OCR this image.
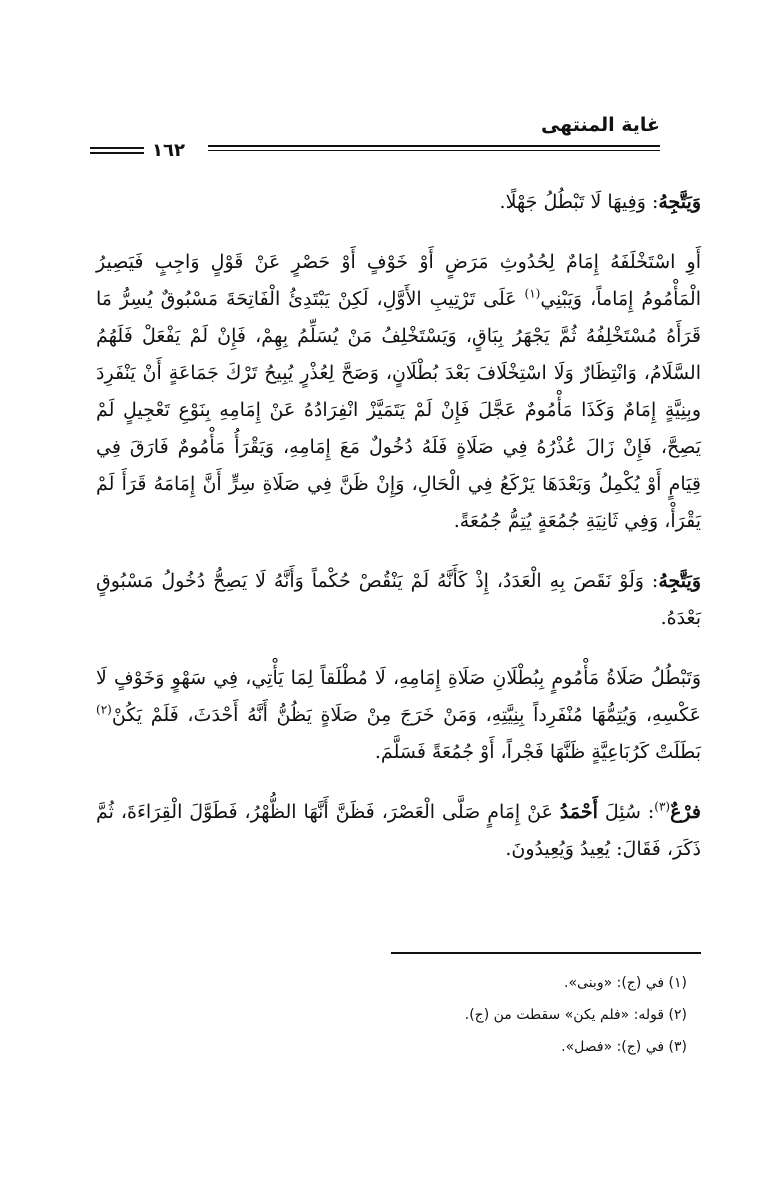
غاية المنتهى
١٦٢

وَيَتَّجِهُ: وَفِيهَا لَا تَبْطُلُ جَهْلًا.

أَوِ اسْتَخْلَفَهُ إِمَامٌ لِحُدُوثِ مَرَضٍ أَوْ خَوْفٍ أَوْ حَصْرٍ عَنْ قَوْلٍ وَاجِبٍ فَيَصِيرُ الْمَأْمُومُ إِمَاماً، وَيَبْنِي$^{(١)}$ عَلَى تَرْتِيبِ الأَوَّلِ، لَكِنْ يَبْتَدِئُ الْفَاتِحَةَ مَسْبُوقٌ يُسِرُّ مَا قَرَأَهُ مُسْتَخْلِفُهُ ثُمَّ يَجْهَرُ بِبَاقٍ، وَيَسْتَخْلِفُ مَنْ يُسَلِّمُ بِهِمْ، فَإِنْ لَمْ يَفْعَلْ فَلَهُمُ السَّلَامُ، وَانْتِظَارٌ وَلَا اسْتِخْلَافَ بَعْدَ بُطْلَانٍ، وَصَحَّ لِعُذْرٍ يُبِيحُ تَرْكَ جَمَاعَةٍ أَنْ يَنْفَرِدَ وبِنِيَّةٍ إِمَامٌ وَكَذَا مَأْمُومٌ عَجَّلَ فَإِنْ لَمْ يَتَمَيَّزْ انْفِرَادُهُ عَنْ إِمَامِهِ بِنَوْعِ تَعْجِيلٍ لَمْ يَصِحَّ، فَإِنْ زَالَ عُذْرُهُ فِي صَلَاةٍ فَلَهُ دُخُولٌ مَعَ إِمَامِهِ، وَيَقْرَأُ مَأْمُومٌ فَارَقَ فِي قِيَامٍ أَوْ يُكْمِلُ وَبَعْدَهَا يَرْكَعُ فِي الْحَالِ، وَإِنْ ظَنَّ فِي صَلَاةِ سِرٍّ أَنَّ إِمَامَهُ قَرَأَ لَمْ يَقْرَأْ، وَفِي ثَانِيَةِ جُمُعَةٍ يُتِمُّ جُمُعَةً.

وَيَتَّجِهُ: وَلَوْ نَقَصَ بِهِ الْعَدَدُ، إِذْ كَأَنَّهُ لَمْ يَنْقُصْ حُكْماً وَأَنَّهُ لَا يَصِحُّ دُخُولُ مَسْبُوقٍ بَعْدَهُ.

وَتَبْطُلُ صَلَاةُ مَأْمُومٍ بِبُطْلَانِ صَلَاةِ إِمَامِهِ، لَا مُطْلَقاً لِمَا يَأْتِي، فِي سَهْوٍ وَخَوْفٍ لَا عَكْسِهِ، وَيُتِمُّهَا مُنْفَرِداً بِنِيَّتِهِ، وَمَنْ خَرَجَ مِنْ صَلَاةٍ يَظُنُّ أَنَّهُ أَحْدَثَ، فَلَمْ يَكُنْ$^{(٢)}$ بَطَلَتْ كَرُبَاعِيَّةٍ ظَنَّهَا فَجْراً، أَوْ جُمُعَةً فَسَلَّمَ.

فرْعٌ$^{(٣)}$: سُئِلَ أَحْمَدُ عَنْ إِمَامٍ صَلَّى الْعَصْرَ، فَظَنَّ أَنَّهَا الظُّهْرُ، فَطَوَّلَ الْقِرَاءَةَ، ثُمَّ ذَكَرَ، فَقَالَ: يُعِيدُ وَيُعِيدُونَ.

(١) في (ج): «وبنى».

(٢) قوله: «فلم يكن» سقطت من (ج).

(٣) في (ج): «فصل».
